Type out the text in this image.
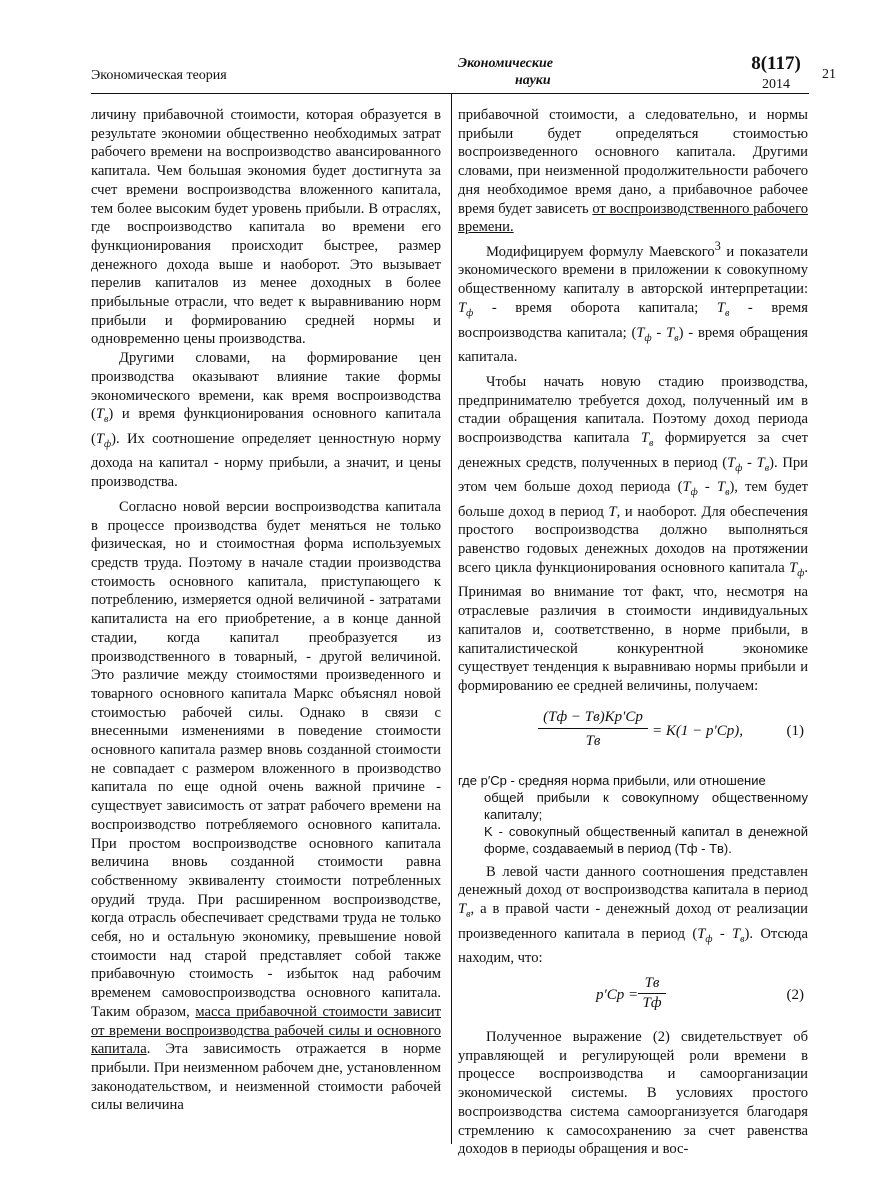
Экономическая теория
Экономические
науки
8(117)
2014
21

личину прибавочной стоимости, которая образуется в результате экономии общественно необходимых затрат рабочего времени на воспроизводство авансированного капитала. Чем большая экономия будет достигнута за счет времени воспроизводства вложенного капитала, тем более высоким будет уровень прибыли. В отраслях, где воспроизводство капитала во времени его функционирования происходит быстрее, размер денежного дохода выше и наоборот. Это вызывает перелив капиталов из менее доходных в более прибыльные отрасли, что ведет к выравниванию норм прибыли и формированию средней нормы и одновременно цены производства.

Другими словами, на формирование цен производства оказывают влияние такие формы экономического времени, как время воспроизводства $(T_в)$ и время функционирования основного капитала $(T_ф)$. Их соотношение определяет ценностную норму дохода на капитал - норму прибыли, а значит, и цены производства.

Согласно новой версии воспроизводства капитала в процессе производства будет меняться не только физическая, но и стоимостная форма используемых средств труда. Поэтому в начале стадии производства стоимость основного капитала, приступающего к потреблению, измеряется одной величиной - затратами капиталиста на его приобретение, а в конце данной стадии, когда капитал преобразуется из производственного в товарный, - другой величиной. Это различие между стоимостями произведенного и товарного основного капитала Маркс объяснял новой стоимостью рабочей силы. Однако в связи с внесенными изменениями в поведение стоимости основного капитала размер вновь созданной стоимости не совпадает с размером вложенного в производство капитала по еще одной очень важной причине - существует зависимость от затрат рабочего времени на воспроизводство потребляемого основного капитала. При простом воспроизводстве основного капитала величина вновь созданной стоимости равна собственному эквиваленту стоимости потребленных орудий труда. При расширенном воспроизводстве, когда отрасль обеспечивает средствами труда не только себя, но и остальную экономику, превышение новой стоимости над старой представляет собой также прибавочную стоимость - избыток над рабочим временем самовоспроизводства основного капитала. Таким образом, масса прибавочной стоимости зависит от времени воспроизводства рабочей силы и основного капитала. Эта зависимость отражается в норме прибыли. При неизменном рабочем дне, установленном законодательством, и неизменной стоимости рабочей силы величина

прибавочной стоимости, а следовательно, и нормы прибыли будет определяться стоимостью воспроизведенного основного капитала. Другими словами, при неизменной продолжительности рабочего дня необходимое время дано, а прибавочное рабочее время будет зависеть от воспроизводственного рабочего времени.

Модифицируем формулу Маевского$^3$ и показатели экономического времени в приложении к совокупному общественному капиталу в авторской интерпретации: $T_ф$ - время оборота капитала; $T_в$ - время воспроизводства капитала; $(T_ф - T_в)$ - время обращения капитала.

Чтобы начать новую стадию производства, предпринимателю требуется доход, полученный им в стадии обращения капитала. Поэтому доход периода воспроизводства капитала $T_в$ формируется за счет денежных средств, полученных в период $(T_ф - T_в)$. При этом чем больше доход периода $(T_ф - T_в)$, тем будет больше доход в период T, и наоборот. Для обеспечения простого воспроизводства должно выполняться равенство годовых денежных доходов на протяжении всего цикла функционирования основного капитала $T_ф$. Принимая во внимание тот факт, что, несмотря на отраслевые различия в стоимости индивидуальных капиталов и, соответственно, в норме прибыли, в капиталистической конкурентной экономике существует тенденция к выравниваю нормы прибыли и формированию ее средней величины, получаем:

(Tф − Tв)Kp′Cp
Tв
= K(1 − p′Cp),	(1)
где p′Cp - средняя норма прибыли, или отношение
общей прибыли к совокупному общественному капиталу;
K - совокупный общественный капитал в денежной форме, создаваемый в период (Tф - Tв).

В левой части данного соотношения представлен денежный доход от воспроизводства капитала в период $T_в$, а в правой части - денежный доход от реализации произведенного капитала в период $(T_ф - T_в)$. Отсюда находим, что:

p′Cp =
Tв
Tф	(2)

Полученное выражение (2) свидетельствует об управляющей и регулирующей роли времени в процессе воспроизводства и самоорганизации экономической системы. В условиях простого воспроизводства система самоорганизуется благодаря стремлению к самосохранению за счет равенства доходов в периоды обращения и вос-
